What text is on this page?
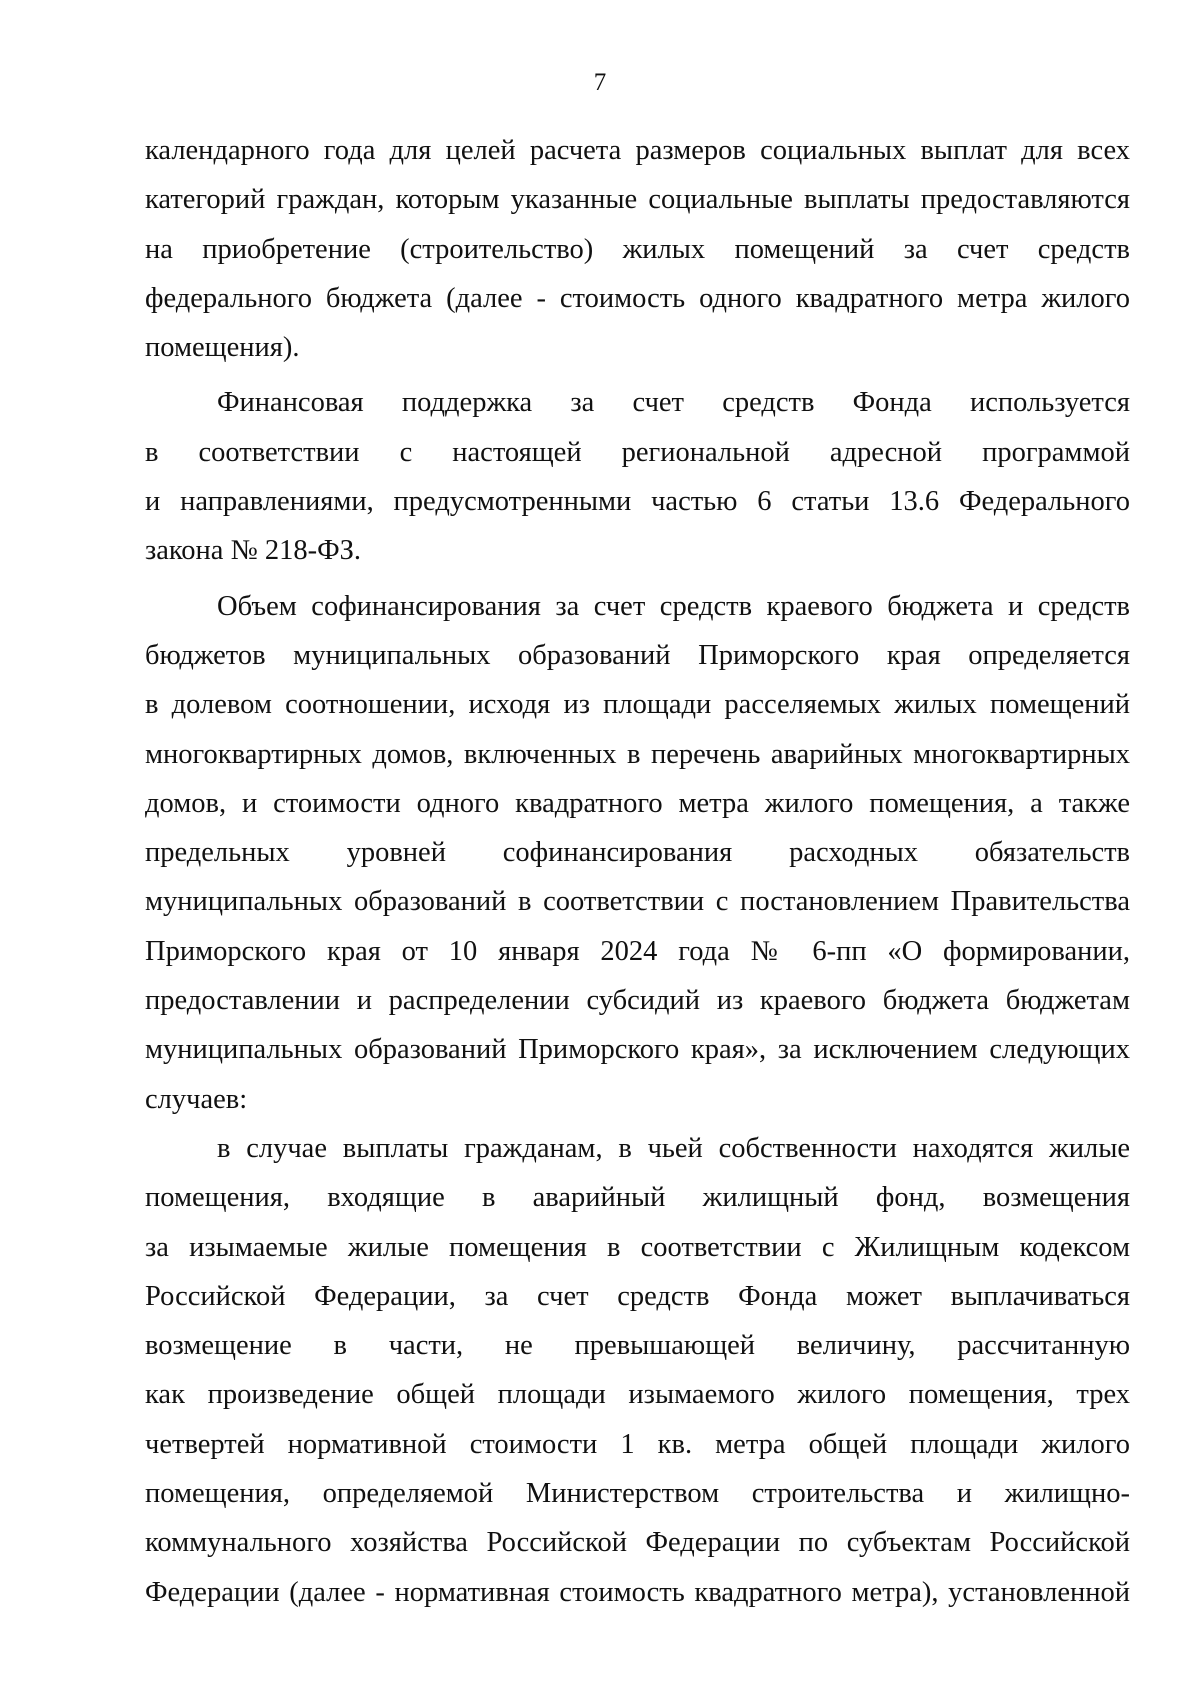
7
календарного года для целей расчета размеров социальных выплат для всех
категорий граждан, которым указанные социальные выплаты предоставляются
на приобретение (строительство) жилых помещений за счет средств
федерального бюджета (далее - стоимость одного квадратного метра жилого
помещения).
Финансовая поддержка за счет средств Фонда используется
в соответствии с настоящей региональной адресной программой
и направлениями, предусмотренными частью 6 статьи 13.6 Федерального
закона № 218-ФЗ.
Объем софинансирования за счет средств краевого бюджета и средств
бюджетов муниципальных образований Приморского края определяется
в долевом соотношении, исходя из площади расселяемых жилых помещений
многоквартирных домов, включенных в перечень аварийных многоквартирных
домов, и стоимости одного квадратного метра жилого помещения, а также
предельных уровней софинансирования расходных обязательств
муниципальных образований в соответствии с постановлением Правительства
Приморского края от 10 января 2024 года № 6-пп «О формировании,
предоставлении и распределении субсидий из краевого бюджета бюджетам
муниципальных образований Приморского края», за исключением следующих
случаев:
в случае выплаты гражданам, в чьей собственности находятся жилые
помещения, входящие в аварийный жилищный фонд, возмещения
за изымаемые жилые помещения в соответствии с Жилищным кодексом
Российской Федерации, за счет средств Фонда может выплачиваться
возмещение в части, не превышающей величину, рассчитанную
как произведение общей площади изымаемого жилого помещения, трех
четвертей нормативной стоимости 1 кв. метра общей площади жилого
помещения, определяемой Министерством строительства и жилищно-
коммунального хозяйства Российской Федерации по субъектам Российской
Федерации (далее - нормативная стоимость квадратного метра), установленной
